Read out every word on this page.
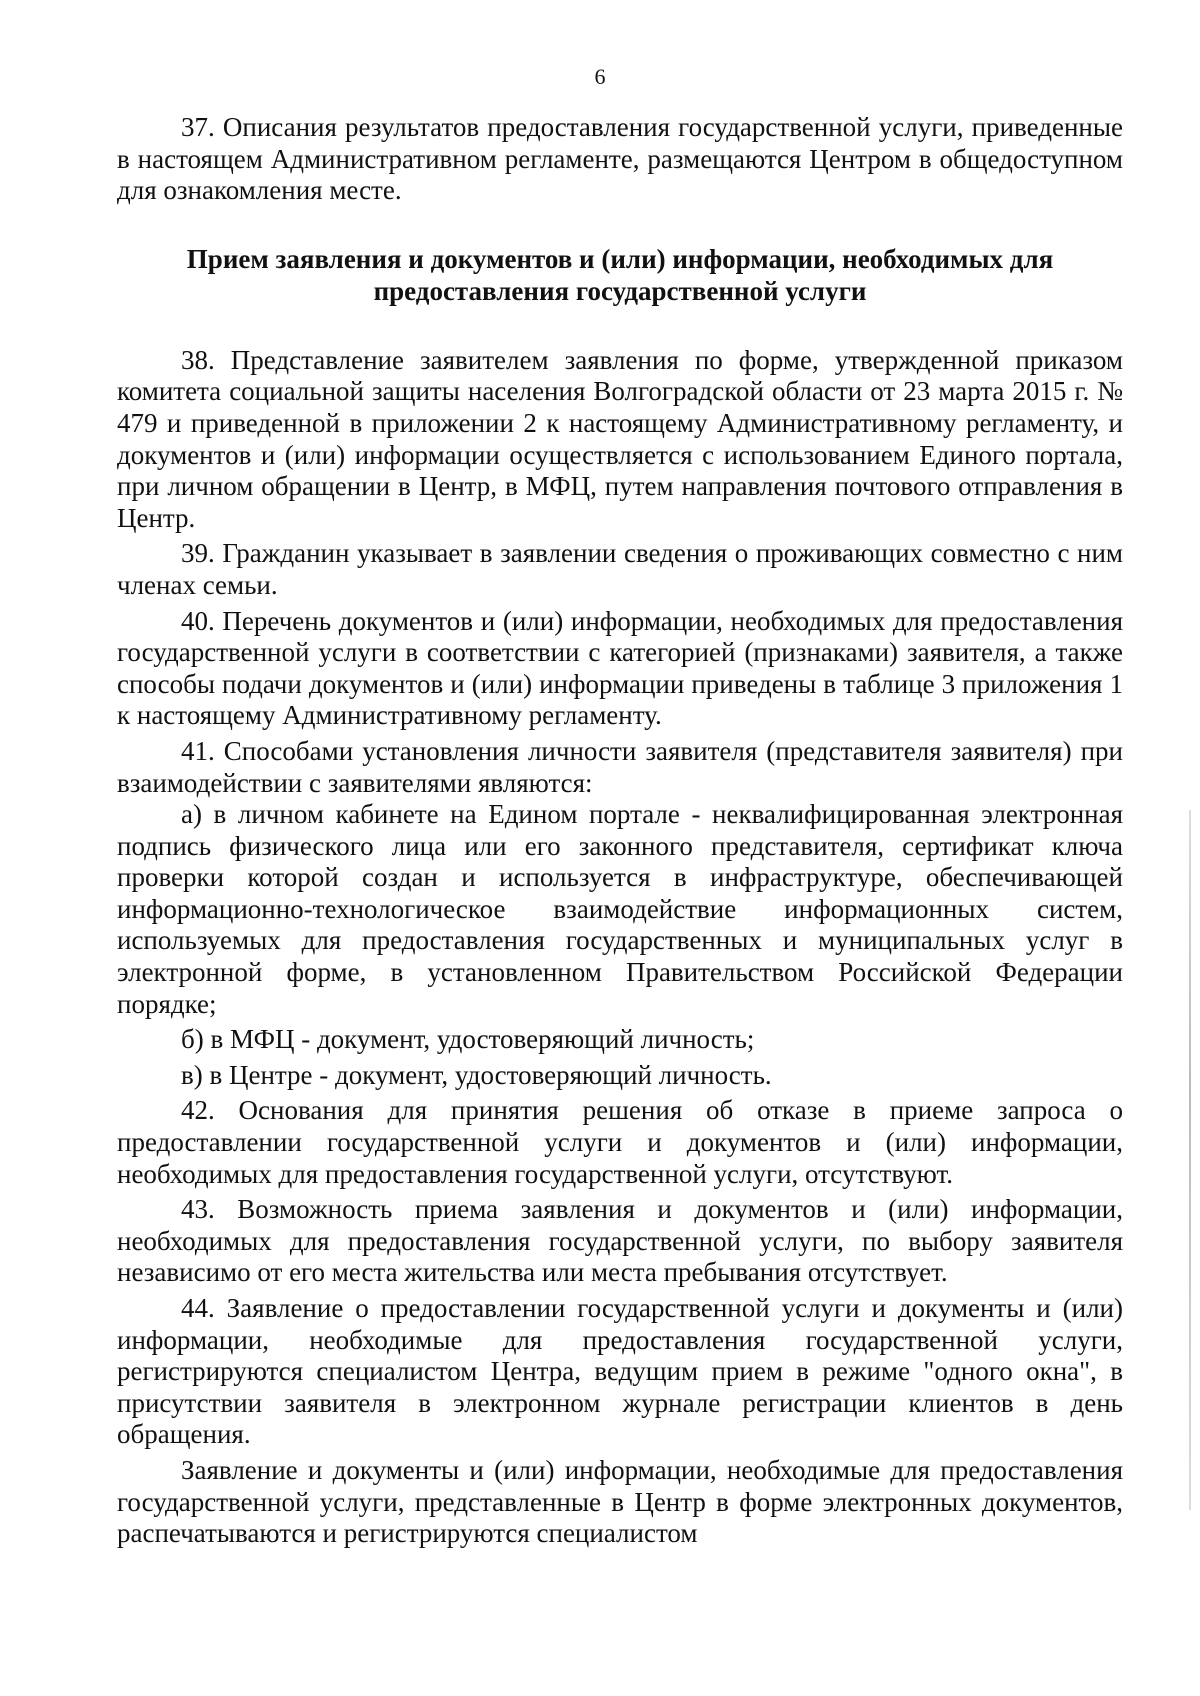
6

37. Описания результатов предоставления государственной услуги, приведенные в настоящем Административном регламенте, размещаются Центром в общедоступном для ознакомления месте.

Прием заявления и документов и (или) информации, необходимых для
предоставления государственной услуги

38. Представление заявителем заявления по форме, утвержденной приказом комитета социальной защиты населения Волгоградской области от 23 марта 2015 г. № 479 и приведенной в приложении 2 к настоящему Административному регламенту, и документов и (или) информации осуществляется с использованием Единого портала, при личном обращении в Центр, в МФЦ, путем направления почтового отправления в Центр.

39. Гражданин указывает в заявлении сведения о проживающих совместно с ним членах семьи.

40. Перечень документов и (или) информации, необходимых для предоставления государственной услуги в соответствии с категорией (признаками) заявителя, а также способы подачи документов и (или) информации приведены в таблице 3 приложения 1 к настоящему Административному регламенту.

41. Способами установления личности заявителя (представителя заявителя) при взаимодействии с заявителями являются:

а) в личном кабинете на Едином портале - неквалифицированная электронная подпись физического лица или его законного представителя, сертификат ключа проверки которой создан и используется в инфраструктуре, обеспечивающей информационно-технологическое взаимодействие информационных систем, используемых для предоставления государственных и муниципальных услуг в электронной форме, в установленном Правительством Российской Федерации порядке;

б) в МФЦ - документ, удостоверяющий личность;

в) в Центре - документ, удостоверяющий личность.

42. Основания для принятия решения об отказе в приеме запроса о предоставлении государственной услуги и документов и (или) информации, необходимых для предоставления государственной услуги, отсутствуют.

43. Возможность приема заявления и документов и (или) информации, необходимых для предоставления государственной услуги, по выбору заявителя независимо от его места жительства или места пребывания отсутствует.

44. Заявление о предоставлении государственной услуги и документы и (или) информации, необходимые для предоставления государственной услуги, регистрируются специалистом Центра, ведущим прием в режиме "одного окна", в присутствии заявителя в электронном журнале регистрации клиентов в день обращения.

Заявление и документы и (или) информации, необходимые для предоставления государственной услуги, представленные в Центр в форме электронных документов, распечатываются и регистрируются специалистом
